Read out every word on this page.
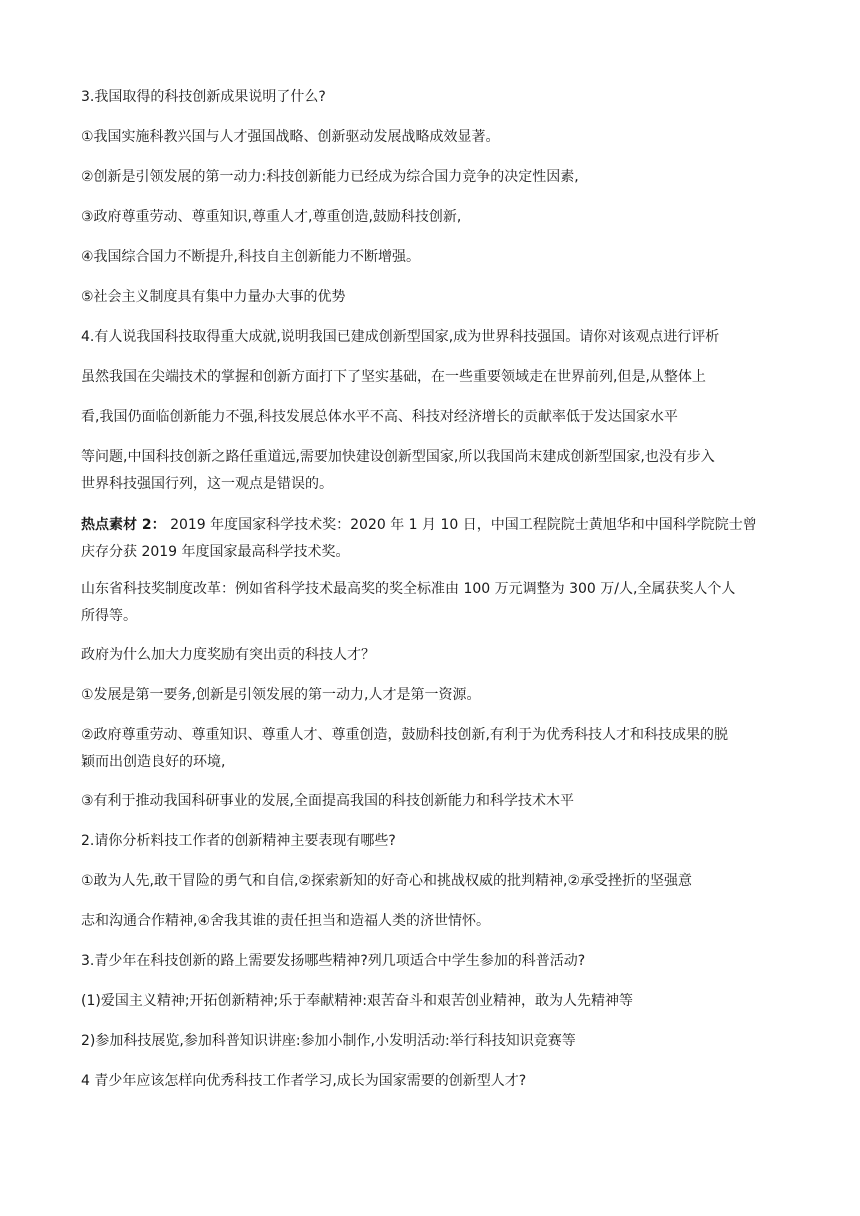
3.我国取得的科技创新成果说明了什么?
①我国实施科教兴国与人才强国战略、创新驱动发展战略成效显著。
②创新是引领发展的第一动力:科技创新能力已经成为综合国力竞争的决定性因素,
③政府尊重劳动、尊重知识,尊重人才,尊重创造,鼓励科技创新,
④我国综合国力不断提升,科技自主创新能力不断增强。
⑤社会主义制度具有集中力量办大事的优势
4.有人说我国科技取得重大成就,说明我国已建成创新型国家,成为世界科技强国。请你对该观点进行评析
虽然我国在尖端技术的掌握和创新方面打下了坚实基础，在一些重要领域走在世界前列,但是,从整体上
看,我国仍面临创新能力不强,科技发展总体水平不高、科技对经济增长的贡献率低于发达国家水平
等问题,中国科技创新之路任重道远,需要加快建设创新型国家,所以我国尚末建成创新型国家,也没有步入
世界科技强国行列，这一观点是错误的。
热点素材 2： 2019 年度国家科学技术奖：2020 年 1 月 10 日，中国工程院院士黄旭华和中国科学院院士曾
庆存分获 2019 年度国家最高科学技术奖。
山东省科技奖制度改革：例如省科学技术最高奖的奖全标准由 100 万元调整为 300 万/人,全属获奖人个人
所得等。
政府为什么加大力度奖励有突出贡的科技人才？
①发展是第一要务,创新是引领发展的第一动力,人才是第一资源。
②政府尊重劳动、尊重知识、尊重人才、尊重创造，鼓励科技创新,有利于为优秀科技人才和科技成果的脱
颖而出创造良好的环境,
③有利于推动我国科研事业的发展,全面提高我国的科技创新能力和科学技术木平
2.请你分析料技工作者的创新精神主要表现有哪些?
①敢为人先,敢干冒险的勇气和自信,②探索新知的好奇心和挑战权威的批判精神,②承受挫折的坚强意
志和沟通合作精神,④舍我其谁的责任担当和造福人类的济世情怀。
3.青少年在科技创新的路上需要发扬哪些精神?列几项适合中学生参加的科普活动?
(1)爱国主义精神;开拓创新精神;乐于奉献精神:艰苦奋斗和艰苦创业精神，敢为人先精神等
2)参加科技展览,参加科普知识讲座:参加小制作,小发明活动:举行科技知识竞赛等
4 青少年应该怎样向优秀科技工作者学习,成长为国家需要的创新型人才?
